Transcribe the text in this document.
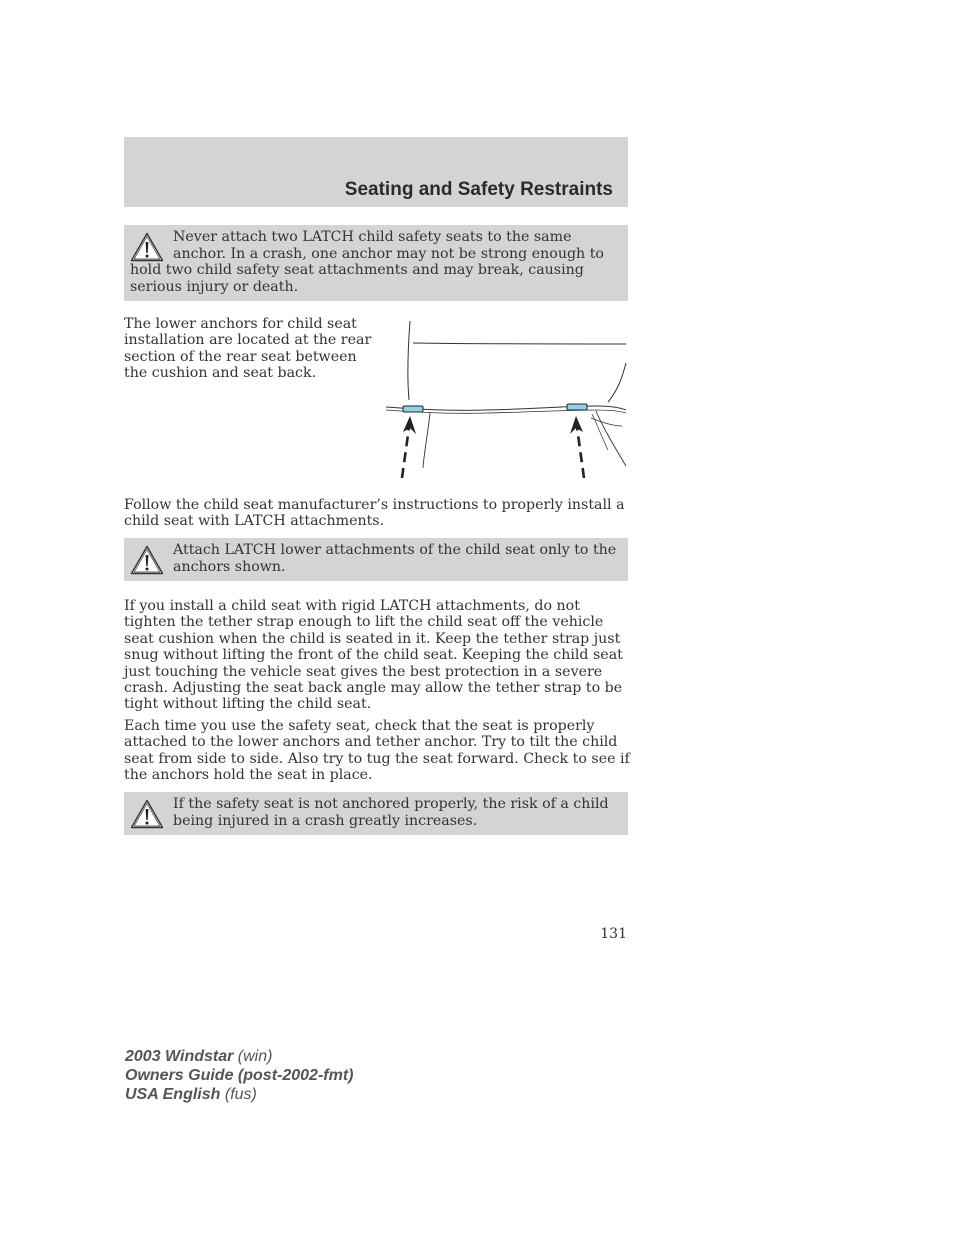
Seating and Safety Restraints

Never attach two LATCH child safety seats to the same anchor. In a crash, one anchor may not be strong enough to hold two child safety seat attachments and may break, causing serious injury or death.

The lower anchors for child seat installation are located at the rear section of the rear seat between the cushion and seat back.

Follow the child seat manufacturer’s instructions to properly install a child seat with LATCH attachments.

Attach LATCH lower attachments of the child seat only to the anchors shown.

If you install a child seat with rigid LATCH attachments, do not tighten the tether strap enough to lift the child seat off the vehicle seat cushion when the child is seated in it. Keep the tether strap just snug without lifting the front of the child seat. Keeping the child seat just touching the vehicle seat gives the best protection in a severe crash. Adjusting the seat back angle may allow the tether strap to be tight without lifting the child seat.

Each time you use the safety seat, check that the seat is properly attached to the lower anchors and tether anchor. Try to tilt the child seat from side to side. Also try to tug the seat forward. Check to see if the anchors hold the seat in place.

If the safety seat is not anchored properly, the risk of a child being injured in a crash greatly increases.

131

2003 Windstar (win)
Owners Guide (post-2002-fmt)
USA English (fus)
